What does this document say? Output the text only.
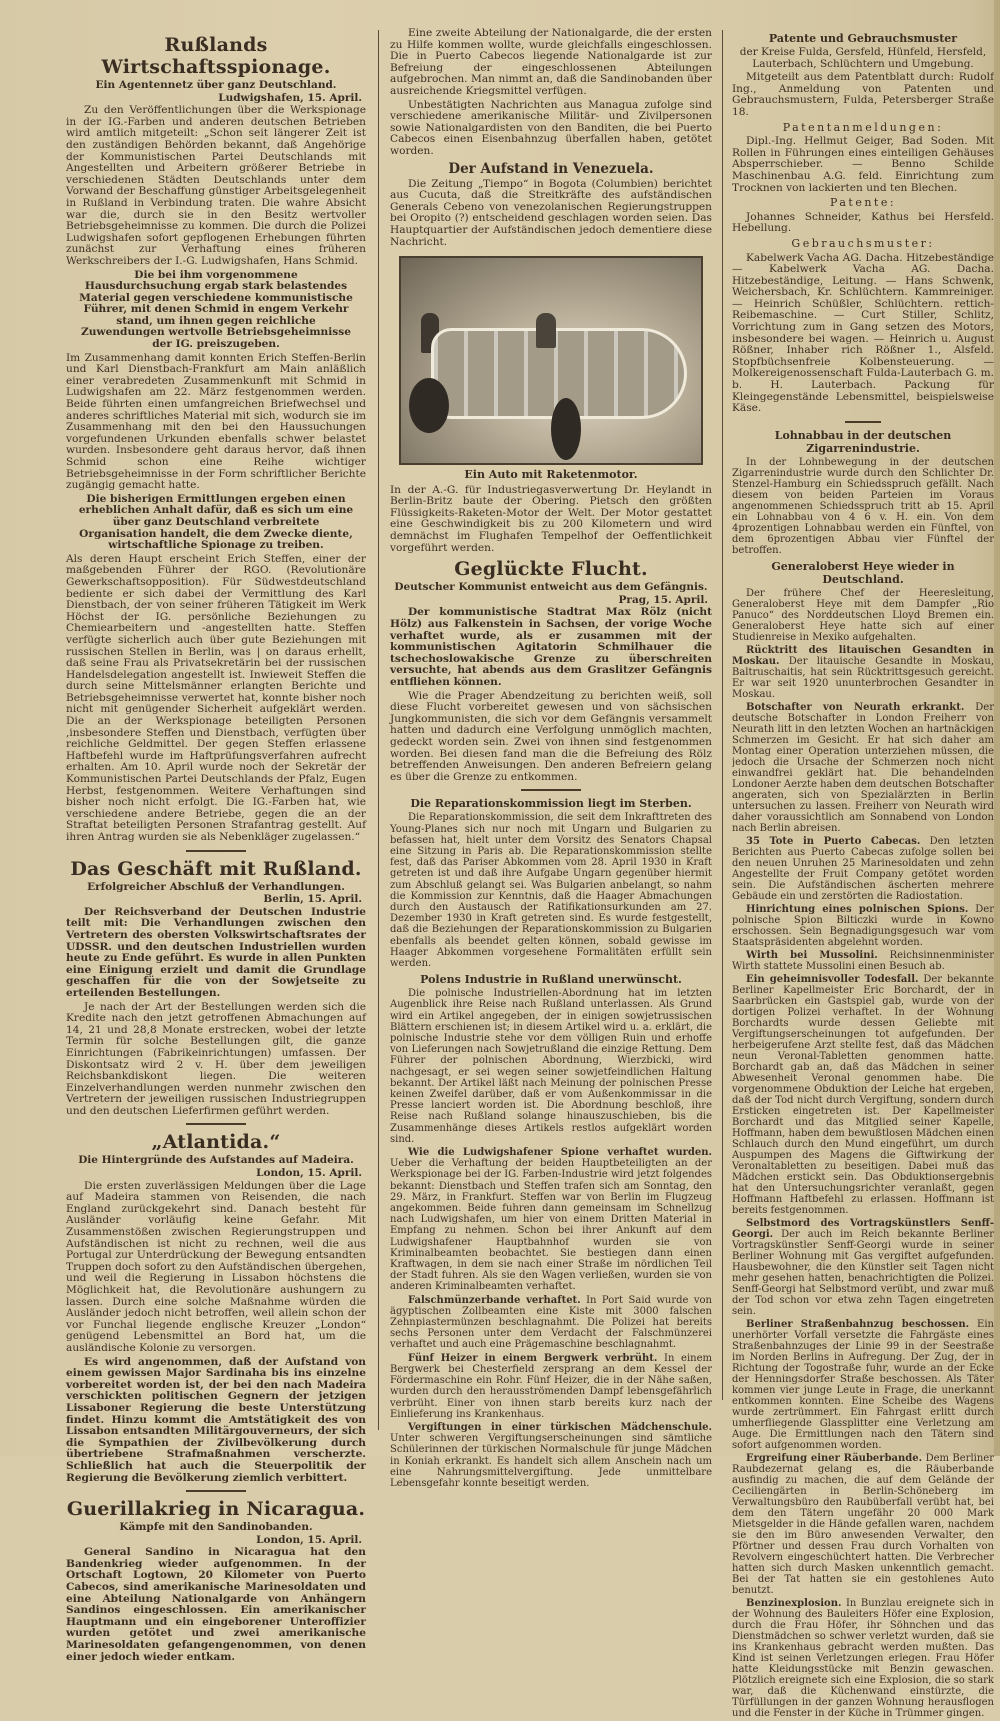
Rußlands Wirtschaftsspionage.
Ein Agentennetz über ganz Deutschland.
Ludwigshafen, 15. April.

Zu den Veröffentlichungen über die Werkspionage in der IG.-Farben und anderen deutschen Betrieben wird amtlich mitgeteilt: „Schon seit längerer Zeit ist den zuständigen Behörden bekannt, daß Angehörige der Kommunistischen Partei Deutschlands mit Angestellten und Arbeitern größerer Betriebe in verschiedenen Städten Deutschlands unter dem Vorwand der Beschaffung günstiger Arbeitsgelegenheit in Rußland in Verbindung traten. Die wahre Absicht war die, durch sie in den Besitz wertvoller Betriebsgeheimnisse zu kommen. Die durch die Polizei Ludwigshafen sofort gepflogenen Erhebungen führten zunächst zur Verhaftung eines früheren Werkschreibers der I.-G. Ludwigshafen, Hans Schmid.

Die bei ihm vorgenommene Hausdurchsuchung ergab stark belastendes Material gegen verschiedene kommunistische Führer, mit denen Schmid in engem Verkehr stand, um ihnen gegen reichliche Zuwendungen wertvolle Betriebsgeheimnisse der IG. preiszugeben.

Im Zusammenhang damit konnten Erich Steffen-Berlin und Karl Dienstbach-Frankfurt am Main anläßlich einer verabredeten Zusammenkunft mit Schmid in Ludwigshafen am 22. März festgenommen werden. Beide führten einen umfangreichen Briefwechsel und anderes schriftliches Material mit sich, wodurch sie im Zusammenhang mit den bei den Haussuchungen vorgefundenen Urkunden ebenfalls schwer belastet wurden. Insbesondere geht daraus hervor, daß ihnen Schmid schon eine Reihe wichtiger Betriebsgeheimnisse in der Form schriftlicher Berichte zugängig gemacht hatte.

Die bisherigen Ermittlungen ergeben einen erheblichen Anhalt dafür, daß es sich um eine über ganz Deutschland verbreitete Organisation handelt, die dem Zwecke diente, wirtschaftliche Spionage zu treiben.

Als deren Haupt erscheint Erich Steffen, einer der maßgebenden Führer der RGO. (Revolutionäre Gewerkschaftsopposition). Für Südwestdeutschland bediente er sich dabei der Vermittlung des Karl Dienstbach, der von seiner früheren Tätigkeit im Werk Höchst der IG. persönliche Beziehungen zu Chemiearbeitern und -angestellten hatte. Steffen verfügte sicherlich auch über gute Beziehungen mit russischen Stellen in Berlin, was | on daraus erhellt, daß seine Frau als Privatsekretärin bei der russischen Handelsdelegation angestellt ist. Inwieweit Steffen die durch seine Mittelsmänner erlangten Berichte und Betriebsgeheimnisse verwertet hat, konnte bisher noch nicht mit genügender Sicherheit aufgeklärt werden. Die an der Werkspionage beteiligten Personen ,insbesondere Steffen und Dienstbach, verfügten über reichliche Geldmittel. Der gegen Steffen erlassene Haftbefehl wurde im Haftprüfungsverfahren aufrecht erhalten. Am 10. April wurde noch der Sekretär der Kommunistischen Partei Deutschlands der Pfalz, Eugen Herbst, festgenommen. Weitere Verhaftungen sind bisher noch nicht erfolgt. Die IG.-Farben hat, wie verschiedene andere Betriebe, gegen die an der Straftat beteiligten Personen Strafantrag gestellt. Auf ihren Antrag wurden sie als Nebenkläger zugelassen.“

Das Geschäft mit Rußland.
Erfolgreicher Abschluß der Verhandlungen.
Berlin, 15. April.

Der Reichsverband der Deutschen Industrie teilt mit: Die Verhandlungen zwischen den Vertretern des obersten Volkswirtschaftsrates der UDSSR. und den deutschen Industriellen wurden heute zu Ende geführt. Es wurde in allen Punkten eine Einigung erzielt und damit die Grundlage geschaffen für die von der Sowjetseite zu erteilenden Bestellungen.

Je nach der Art der Bestellungen werden sich die Kredite nach den jetzt getroffenen Abmachungen auf 14, 21 und 28,8 Monate erstrecken, wobei der letzte Termin für solche Bestellungen gilt, die ganze Einrichtungen (Fabrikeinrichtungen) umfassen. Der Diskontsatz wird 2 v. H. über dem jeweiligen Reichsbankdiskont liegen. Die weiteren Einzelverhandlungen werden nunmehr zwischen den Vertretern der jeweiligen russischen Industriegruppen und den deutschen Lieferfirmen geführt werden.

„Atlantida.“
Die Hintergründe des Aufstandes auf Madeira.
London, 15. April.

Die ersten zuverlässigen Meldungen über die Lage auf Madeira stammen von Reisenden, die nach England zurückgekehrt sind. Danach besteht für Ausländer vorläufig keine Gefahr. Mit Zusammenstößen zwischen Regierungstruppen und Aufständischen ist nicht zu rechnen, weil die aus Portugal zur Unterdrückung der Bewegung entsandten Truppen doch sofort zu den Aufständischen übergehen, und weil die Regierung in Lissabon höchstens die Möglichkeit hat, die Revolutionäre aushungern zu lassen. Durch eine solche Maßnahme würden die Ausländer jedoch nicht betroffen, weil allein schon der vor Funchal liegende englische Kreuzer „London“ genügend Lebensmittel an Bord hat, um die ausländische Kolonie zu versorgen.

Es wird angenommen, daß der Aufstand von einem gewissen Major Sardinaha bis ins einzelne vorbereitet worden ist, der bei den nach Madeira verschickten politischen Gegnern der jetzigen Lissaboner Regierung die beste Unterstützung findet. Hinzu kommt die Amtstätigkeit des von Lissabon entsandten Militärgouverneurs, der sich die Sympathien der Zivilbevölkerung durch übertriebene Strafmaßnahmen verscherzte. Schließlich hat auch die Steuerpolitik der Regierung die Bevölkerung ziemlich verbittert.

Guerillakrieg in Nicaragua.
Kämpfe mit den Sandinobanden.
London, 15. April.

General Sandino in Nicaragua hat den Bandenkrieg wieder aufgenommen. In der Ortschaft Logtown, 20 Kilometer von Puerto Cabecos, sind amerikanische Marinesoldaten und eine Abteilung Nationalgarde von Anhängern Sandinos eingeschlossen. Ein amerikanischer Hauptmann und ein eingeborener Unteroffizier wurden getötet und zwei amerikanische Marinesoldaten gefangengenommen, von denen einer jedoch wieder entkam.

Eine zweite Abteilung der Nationalgarde, die der ersten zu Hilfe kommen wollte, wurde gleichfalls eingeschlossen. Die in Puerto Cabecos liegende Nationalgarde ist zur Befreiung der eingeschlossenen Abteilungen aufgebrochen. Man nimmt an, daß die Sandinobanden über ausreichende Kriegsmittel verfügen.

Unbestätigten Nachrichten aus Managua zufolge sind verschiedene amerikanische Militär- und Zivilpersonen sowie Nationalgardisten von den Banditen, die bei Puerto Cabecos einen Eisenbahnzug überfallen haben, getötet worden.

Der Aufstand in Venezuela.

Die Zeitung „Tiempo“ in Bogota (Columbien) berichtet aus Cucuta, daß die Streitkräfte des aufständischen Generals Cebeno von venezolanischen Regierungstruppen bei Oropito (?) entscheidend geschlagen worden seien. Das Hauptquartier der Aufständischen jedoch dementiere diese Nachricht.

Ein Auto mit Raketenmotor.

In der A.-G. für Industriegasverwertung Dr. Heylandt in Berlin-Britz baute der Obering. Pietsch den größten Flüssigkeits-Raketen-Motor der Welt. Der Motor gestattet eine Geschwindigkeit bis zu 200 Kilometern und wird demnächst im Flughafen Tempelhof der Oeffentlichkeit vorgeführt werden.

Geglückte Flucht.
Deutscher Kommunist entweicht aus dem Gefängnis.
Prag, 15. April.

Der kommunistische Stadtrat Max Rölz (nicht Hölz) aus Falkenstein in Sachsen, der vorige Woche verhaftet wurde, als er zusammen mit der kommunistischen Agitatorin Schmilhauer die tschechoslowakische Grenze zu überschreiten versuchte, hat abends aus dem Graslitzer Gefängnis entfliehen können.

Wie die Prager Abendzeitung zu berichten weiß, soll diese Flucht vorbereitet gewesen und von sächsischen Jungkommunisten, die sich vor dem Gefängnis versammelt hatten und dadurch eine Verfolgung unmöglich machten, gedeckt worden sein. Zwei von ihnen sind festgenommen worden. Bei diesen fand man die die Befreiung des Rölz betreffenden Anweisungen. Den anderen Befreiern gelang es über die Grenze zu entkommen.

Die Reparationskommission liegt im Sterben.

Die Reparationskommission, die seit dem Inkrafttreten des Young-Planes sich nur noch mit Ungarn und Bulgarien zu befassen hat, hielt unter dem Vorsitz des Senators Chapsal eine Sitzung in Paris ab. Die Reparationskommission stellte fest, daß das Pariser Abkommen vom 28. April 1930 in Kraft getreten ist und daß ihre Aufgabe Ungarn gegenüber hiermit zum Abschluß gelangt sei. Was Bulgarien anbelangt, so nahm die Kommission zur Kenntnis, daß die Haager Abmachungen durch den Austausch der Ratifikationsurkunden am 27. Dezember 1930 in Kraft getreten sind. Es wurde festgestellt, daß die Beziehungen der Reparationskommission zu Bulgarien ebenfalls als beendet gelten können, sobald gewisse im Haager Abkommen vorgesehene Formalitäten erfüllt sein werden.

Polens Industrie in Rußland unerwünscht.

Die polnische Industriellen-Abordnung hat im letzten Augenblick ihre Reise nach Rußland unterlassen. Als Grund wird ein Artikel angegeben, der in einigen sowjetrussischen Blättern erschienen ist; in diesem Artikel wird u. a. erklärt, die polnische Industrie stehe vor dem völligen Ruin und erhoffe von Lieferungen nach Sowjetrußland die einzige Rettung. Dem Führer der polnischen Abordnung, Wierzbicki, wird nachgesagt, er sei wegen seiner sowjetfeindlichen Haltung bekannt. Der Artikel läßt nach Meinung der polnischen Presse keinen Zweifel darüber, daß er vom Außenkommissar in die Presse lanciert worden ist. Die Abordnung beschloß, ihre Reise nach Rußland solange hinauszuschieben, bis die Zusammenhänge dieses Artikels restlos aufgeklärt worden sind.

Wie die Ludwigshafener Spione verhaftet wurden. Ueber die Verhaftung der beiden Hauptbeteiligten an der Werkspionage bei der IG. Farben-Industrie wird jetzt folgendes bekannt: Dienstbach und Steffen trafen sich am Sonntag, den 29. März, in Frankfurt. Steffen war von Berlin im Flugzeug angekommen. Beide fuhren dann gemeinsam im Schnellzug nach Ludwigshafen, um hier von einem Dritten Material in Empfang zu nehmen. Schon bei ihrer Ankunft auf dem Ludwigshafener Hauptbahnhof wurden sie von Kriminalbeamten beobachtet. Sie bestiegen dann einen Kraftwagen, in dem sie nach einer Straße im nördlichen Teil der Stadt fuhren. Als sie den Wagen verließen, wurden sie von anderen Kriminalbeamten verhaftet.

Falschmünzerbande verhaftet. In Port Said wurde von ägyptischen Zollbeamten eine Kiste mit 3000 falschen Zehnpiastermünzen beschlagnahmt. Die Polizei hat bereits sechs Personen unter dem Verdacht der Falschmünzerei verhaftet und auch eine Prägemaschine beschlagnahmt.

Fünf Heizer in einem Bergwerk verbrüht. In einem Bergwerk bei Chesterfield zersprang an dem Kessel der Fördermaschine ein Rohr. Fünf Heizer, die in der Nähe saßen, wurden durch den herausströmenden Dampf lebensgefährlich verbrüht. Einer von ihnen starb bereits kurz nach der Einlieferung ins Krankenhaus.

Vergiftungen in einer türkischen Mädchenschule. Unter schweren Vergiftungserscheinungen sind sämtliche Schülerinnen der türkischen Normalschule für junge Mädchen in Koniah erkrankt. Es handelt sich allem Anschein nach um eine Nahrungsmittelvergiftung. Jede unmittelbare Lebensgefahr konnte beseitigt werden.

Patente und Gebrauchsmuster
der Kreise Fulda, Gersfeld, Hünfeld, Hersfeld, Lauterbach, Schlüchtern und Umgebung.

Mitgeteilt aus dem Patentblatt durch: Rudolf Ing., Anmeldung von Patenten und Gebrauchsmustern, Fulda, Petersberger Straße 18.

Patentanmeldungen:

Dipl.-Ing. Hellmut Geiger, Bad Soden. Mit Rollen in Führungen eines einteiligen Gehäuses Absperrschieber. — Benno Schilde Maschinenbau A.G. feld. Einrichtung zum Trocknen von lackierten und ten Blechen.

Patente:

Johannes Schneider, Kathus bei Hersfeld. Hebellung.

Gebrauchsmuster:

Kabelwerk Vacha AG. Dacha. Hitzebeständige — Kabelwerk Vacha AG. Dacha. Hitzebeständige, Leitung. — Hans Schwenk, Weichersbach, Kr. Schlüchtern. Kammreiniger. — Heinrich Schüßler, Schlüchtern. rettich-Reibemaschine. — Curt Stiller, Schlitz, Vorrichtung zum in Gang setzen des Motors, insbesondere bei wagen. — Heinrich u. August Rößner, Inhaber rich Rößner 1., Alsfeld. Stopfbüchsenfreie Kolbensteuerung. — Molkereigenossenschaft Fulda-Lauterbach G. m. b. H. Lauterbach. Packung für Kleingegenstände Lebensmittel, beispielsweise Käse.

Lohnabbau in der deutschen Zigarrenindustrie.

In der Lohnbewegung in der deutschen Zigarrenindustrie wurde durch den Schlichter Dr. Stenzel-Hamburg ein Schiedsspruch gefällt. Nach diesem von beiden Parteien im Voraus angenommenen Schiedsspruch tritt ab 15. April ein Lohnabbau von 4 6 v. H. ein. Von dem 4prozentigen Lohnabbau werden ein Fünftel, von dem 6prozentigen Abbau vier Fünftel der betroffen.

Generaloberst Heye wieder in Deutschland.

Der frühere Chef der Heeresleitung, Generaloberst Heye mit dem Dampfer „Rio Panuco“ des Norddeutschen Lloyd Bremen ein. Generaloberst Heye hatte sich auf einer Studienreise in Mexiko aufgehalten.

Rücktritt des litauischen Gesandten in Moskau. Der litauische Gesandte in Moskau, Baltruschaitis, hat sein Rücktrittsgesuch gereicht. Er war seit 1920 ununterbrochen Gesandter in Moskau.

Botschafter von Neurath erkrankt. Der deutsche Botschafter in London Freiherr von Neurath litt in den letzten Wochen an hartnäckigen Schmerzen im Gesicht. Er hat sich daher am Montag einer Operation unterziehen müssen, die jedoch die Ursache der Schmerzen noch nicht einwandfrei geklärt hat. Die behandelnden Londoner Aerzte haben dem deutschen Botschafter angeraten, sich von Spezialärzten in Berlin untersuchen zu lassen. Freiherr von Neurath wird daher voraussichtlich am Sonnabend von London nach Berlin abreisen.

35 Tote in Puerto Cabecas. Den letzten Berichten aus Puerto Cabecas zufolge sollen bei den neuen Unruhen 25 Marinesoldaten und zehn Angestellte der Fruit Company getötet worden sein. Die Aufständischen äscherten mehrere Gebäude ein und zerstörten die Radiostation.

Hinrichtung eines polnischen Spions. Der polnische Spion Bilticzki wurde in Kowno erschossen. Sein Begnadigungsgesuch war vom Staatspräsidenten abgelehnt worden.

Wirth bei Mussolini. Reichsinnenminister Wirth stattete Mussolini einen Besuch ab.

Ein geheimnisvoller Todesfall. Der bekannte Berliner Kapellmeister Eric Borchardt, der in Saarbrücken ein Gastspiel gab, wurde von der dortigen Polizei verhaftet. In der Wohnung Borchardts wurde dessen Geliebte mit Vergiftungserscheinungen tot aufgefunden. Der herbeigerufene Arzt stellte fest, daß das Mädchen neun Veronal-Tabletten genommen hatte. Borchardt gab an, daß das Mädchen in seiner Abwesenheit Veronal genommen habe. Die vorgenommene Obduktion der Leiche hat ergeben, daß der Tod nicht durch Vergiftung, sondern durch Ersticken eingetreten ist. Der Kapellmeister Borchardt und das Mitglied seiner Kapelle, Hoffmann, haben dem bewußtlosen Mädchen einen Schlauch durch den Mund eingeführt, um durch Auspumpen des Magens die Giftwirkung der Veronaltabletten zu beseitigen. Dabei muß das Mädchen erstickt sein. Das Obduktionsergebnis hat den Untersuchungsrichter veranlaßt, gegen Hoffmann Haftbefehl zu erlassen. Hoffmann ist bereits festgenommen.

Selbstmord des Vortragskünstlers Senff-Georgi. Der auch im Reich bekannte Berliner Vortragskünstler Senff-Georgi wurde in seiner Berliner Wohnung mit Gas vergiftet aufgefunden. Hausbewohner, die den Künstler seit Tagen nicht mehr gesehen hatten, benachrichtigten die Polizei. Senff-Georgi hat Selbstmord verübt, und zwar muß der Tod schon vor etwa zehn Tagen eingetreten sein.

Berliner Straßenbahnzug beschossen. Ein unerhörter Vorfall versetzte die Fahrgäste eines Straßenbahnzuges der Linie 99 in der Seestraße im Norden Berlins in Aufregung. Der Zug, der in Richtung der Togostraße fuhr, wurde an der Ecke der Henningsdorfer Straße beschossen. Als Täter kommen vier junge Leute in Frage, die unerkannt entkommen konnten. Eine Scheibe des Wagens wurde zertrümmert. Ein Fahrgast erlitt durch umherfliegende Glassplitter eine Verletzung am Auge. Die Ermittlungen nach den Tätern sind sofort aufgenommen worden.

Ergreifung einer Räuberbande. Dem Berliner Raubdezernat gelang es, die Räuberbande ausfindig zu machen, die auf dem Gelände der Ceciliengärten in Berlin-Schöneberg im Verwaltungsbüro den Raubüberfall verübt hat, bei dem den Tätern ungefähr 20 000 Mark Mietsgelder in die Hände gefallen waren, nachdem sie den im Büro anwesenden Verwalter, den Pförtner und dessen Frau durch Vorhalten von Revolvern eingeschüchtert hatten. Die Verbrecher hatten sich durch Masken unkenntlich gemacht. Bei der Tat hatten sie ein gestohlenes Auto benutzt.

Benzinexplosion. In Bunzlau ereignete sich in der Wohnung des Bauleiters Höfer eine Explosion, durch die Frau Höfer, ihr Söhnchen und das Dienstmädchen so schwer verletzt wurden, daß sie ins Krankenhaus gebracht werden mußten. Das Kind ist seinen Verletzungen erlegen. Frau Höfer hatte Kleidungsstücke mit Benzin gewaschen. Plötzlich ereignete sich eine Explosion, die so stark war, daß die Küchenwand einstürzte, die Türfüllungen in der ganzen Wohnung herausflogen und die Fenster in der Küche in Trümmer gingen.
